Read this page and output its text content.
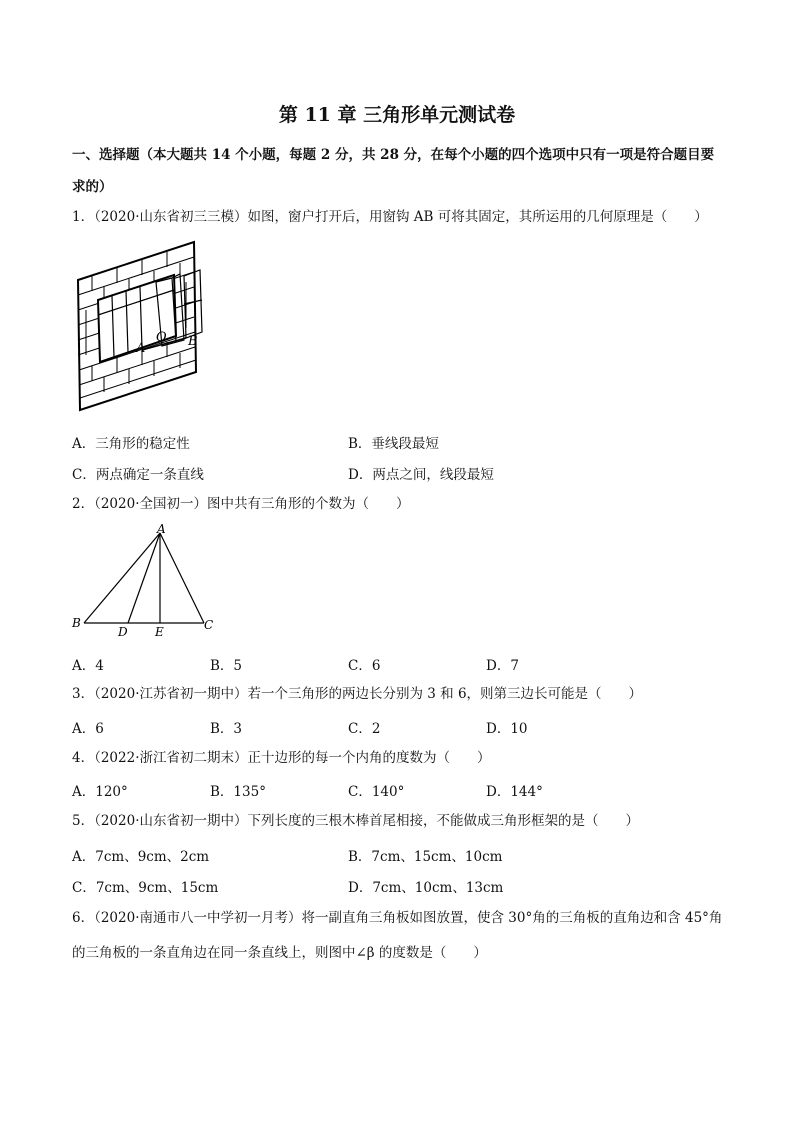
第 11 章 三角形单元测试卷
一、选择题（本大题共 14 个小题，每题 2 分，共 28 分，在每个小题的四个选项中只有一项是符合题目要
求的）
1．（2020·山东省初三三模）如图，窗户打开后，用窗钩 AB 可将其固定，其所运用的几何原理是（　　）
A
O B
A．三角形的稳定性	B．垂线段最短
C．两点确定一条直线	D．两点之间，线段最短
2．（2020·全国初一）图中共有三角形的个数为（　　）
A
B
D E	C
A．4	B．5	C．6	D．7
3．（2020·江苏省初一期中）若一个三角形的两边长分别为 3 和 6，则第三边长可能是（　　）
A．6	B．3	C．2	D．10
4．（2022·浙江省初二期末）正十边形的每一个内角的度数为（　　）
A．120°	B．135°	C．140°	D．144°
5．（2020·山东省初一期中）下列长度的三根木棒首尾相接，不能做成三角形框架的是（　　）
A．7cm、9cm、2cm	B．7cm、15cm、10cm
C．7cm、9cm、15cm	D．7cm、10cm、13cm
6．（2020·南通市八一中学初一月考）将一副直角三角板如图放置，使含 30°角的三角板的直角边和含 45°角
的三角板的一条直角边在同一条直线上，则图中∠β 的度数是（　　）
